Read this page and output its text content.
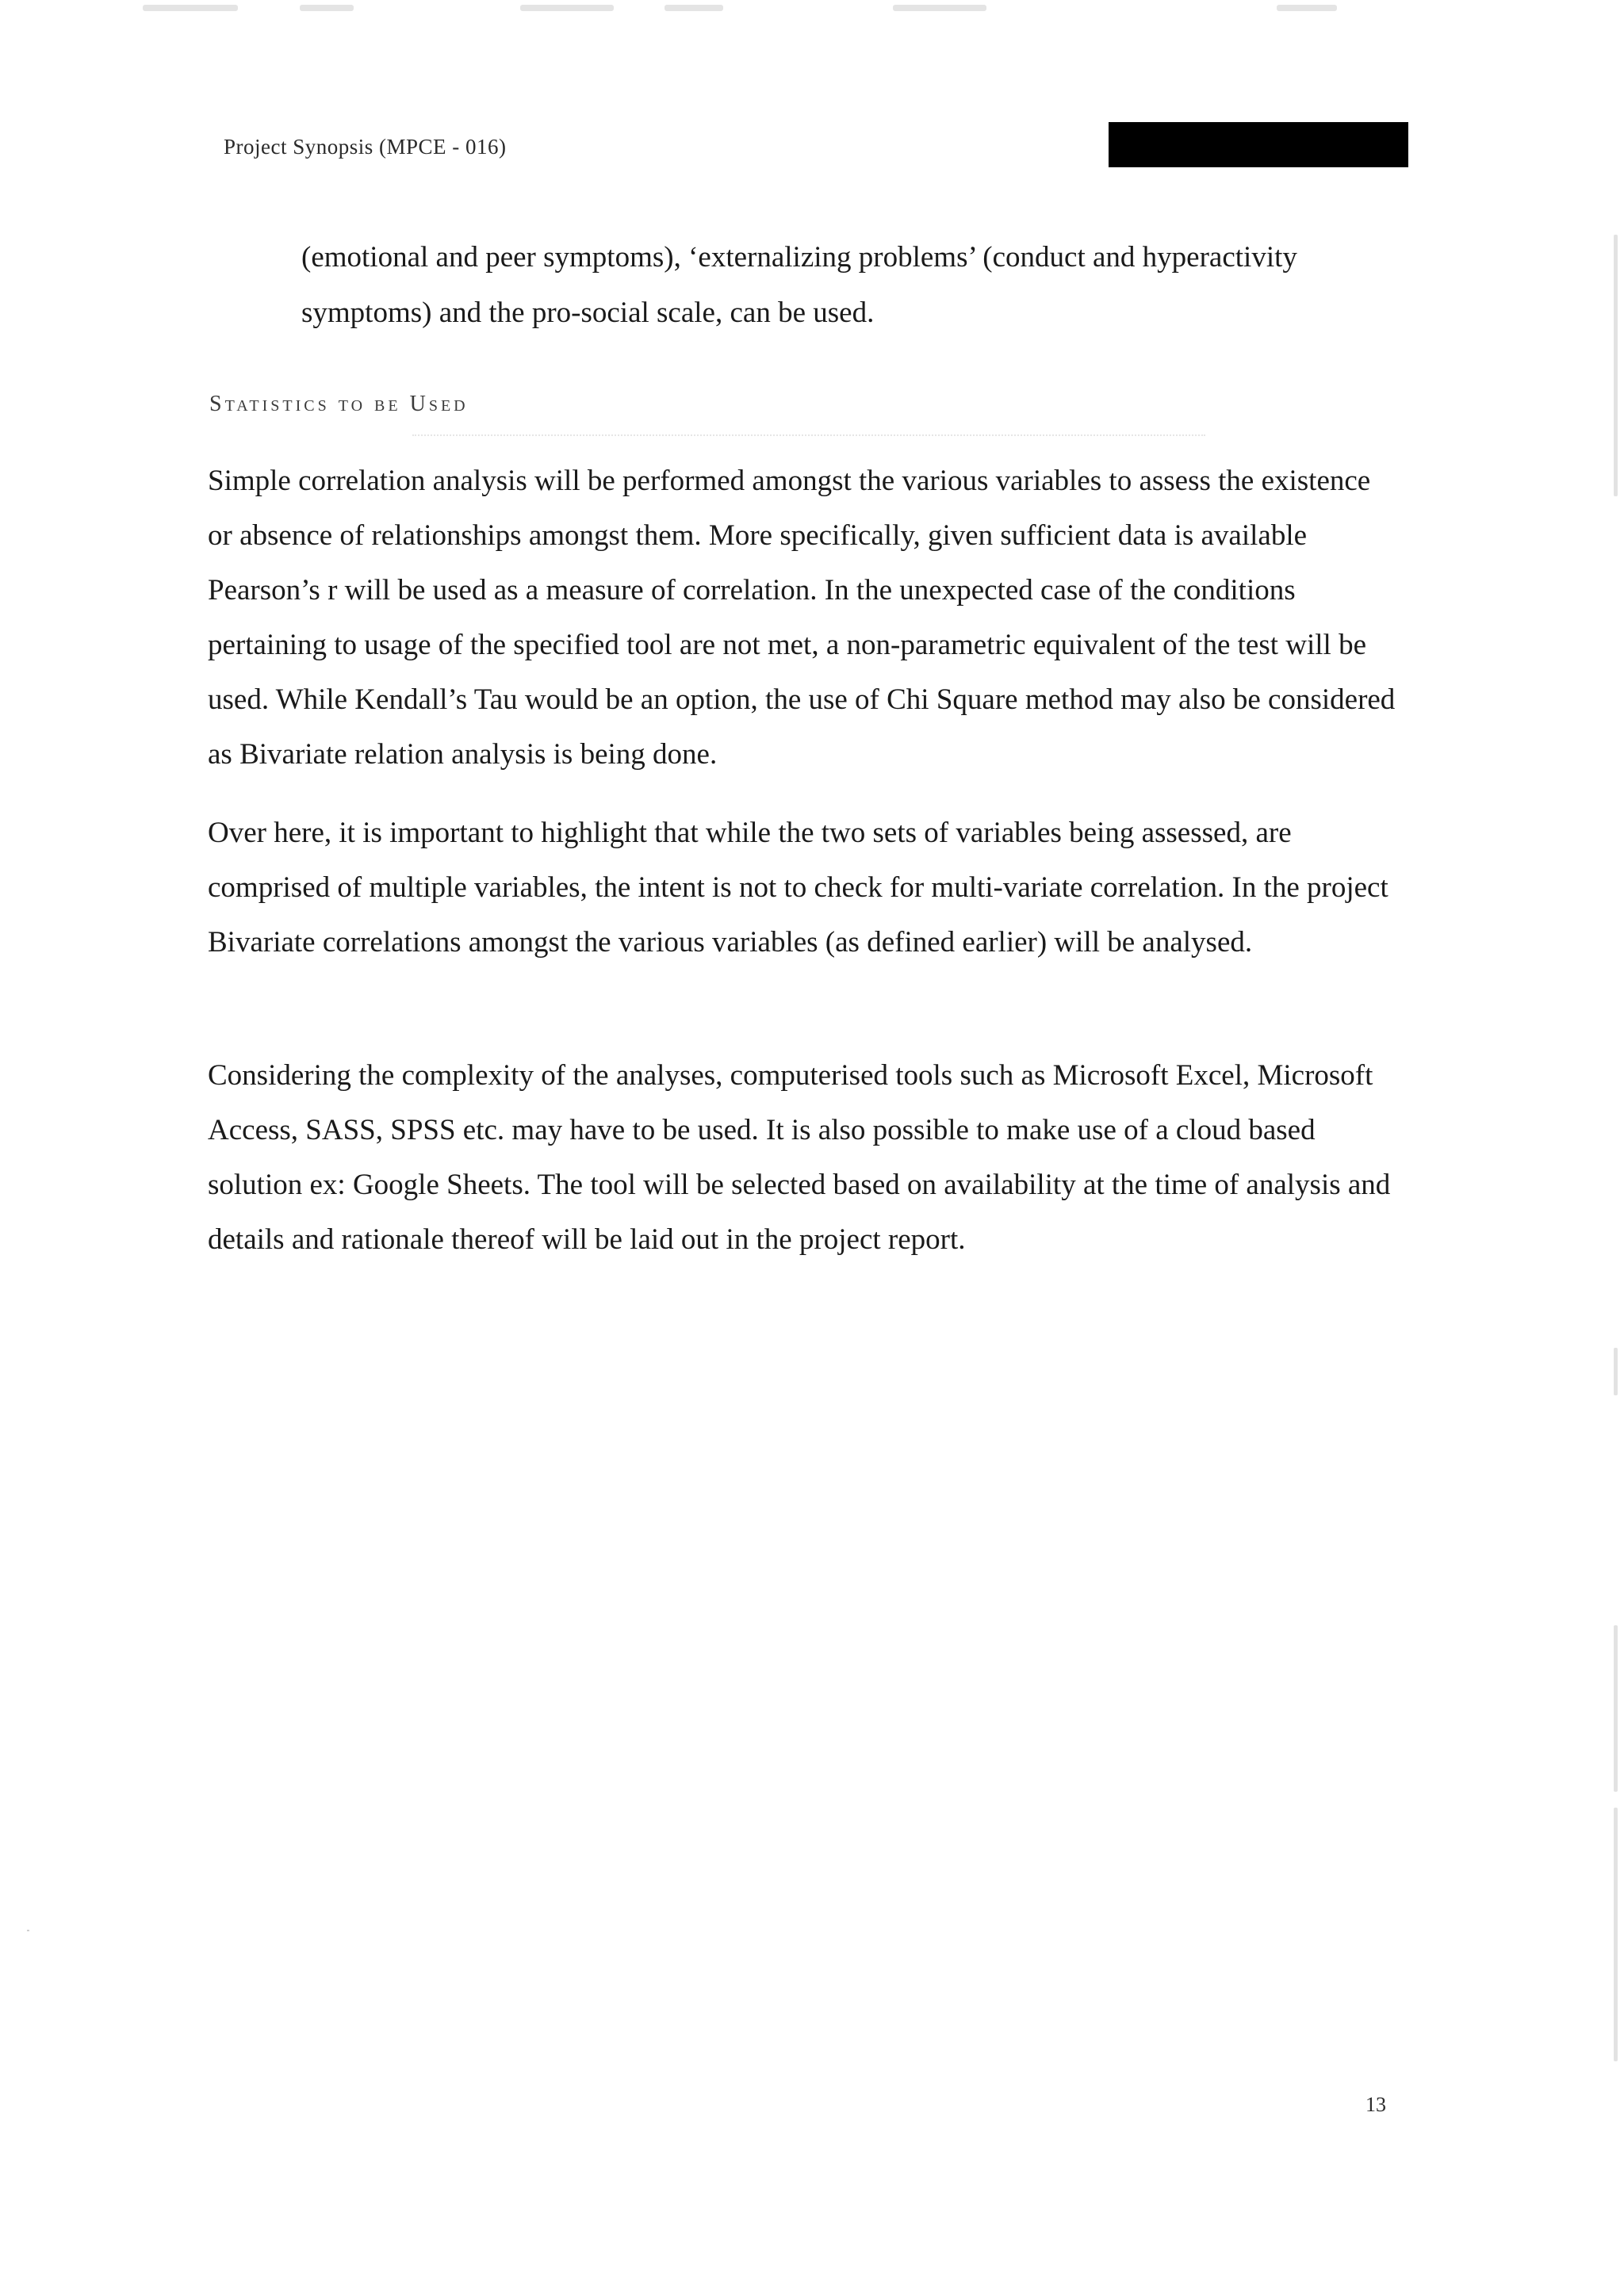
Project Synopsis (MPCE - 016)

(emotional and peer symptoms), ‘externalizing problems’ (conduct and hyperactivity symptoms) and the pro-social scale, can be used.

Statistics to be Used

Simple correlation analysis will be performed amongst the various variables to assess the existence or absence of relationships amongst them. More specifically, given sufficient data is available Pearson’s r will be used as a measure of correlation. In the unexpected case of the conditions pertaining to usage of the specified tool are not met, a non-parametric equivalent of the test will be used. While Kendall’s Tau would be an option, the use of Chi Square method may also be considered as Bivariate relation analysis is being done.

Over here, it is important to highlight that while the two sets of variables being assessed, are comprised of multiple variables, the intent is not to check for multi-variate correlation. In the project Bivariate correlations amongst the various variables (as defined earlier) will be analysed.

Considering the complexity of the analyses, computerised tools such as Microsoft Excel, Microsoft Access, SASS, SPSS etc. may have to be used. It is also possible to make use of a cloud based solution ex: Google Sheets. The tool will be selected based on availability at the time of analysis and details and rationale thereof will be laid out in the project report.

13
